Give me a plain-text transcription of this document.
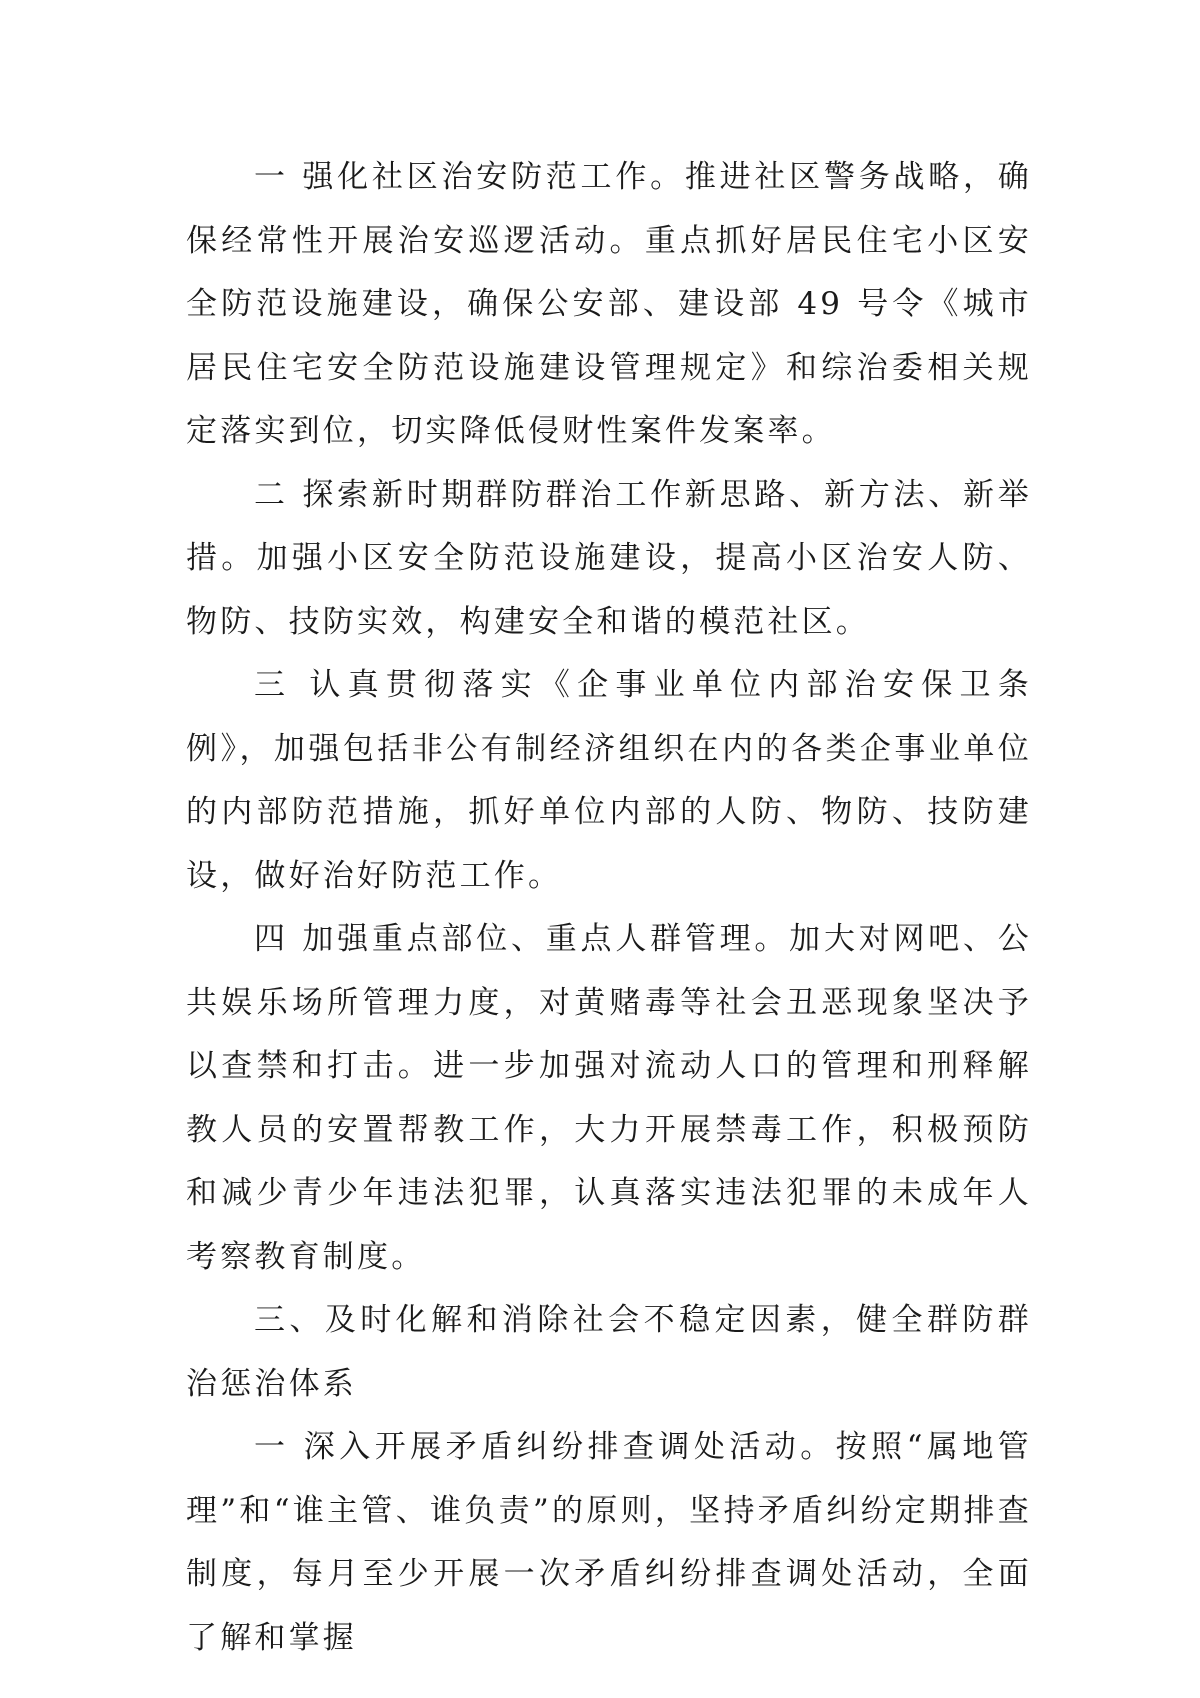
一 强化社区治安防范工作。推进社区警务战略，确保经常性开展治安巡逻活动。重点抓好居民住宅小区安全防范设施建设，确保公安部、建设部 49 号令《城市居民住宅安全防范设施建设管理规定》和综治委相关规定落实到位，切实降低侵财性案件发案率。

二 探索新时期群防群治工作新思路、新方法、新举措。加强小区安全防范设施建设，提高小区治安人防、物防、技防实效，构建安全和谐的模范社区。

三 认真贯彻落实《企事业单位内部治安保卫条例》，加强包括非公有制经济组织在内的各类企事业单位的内部防范措施，抓好单位内部的人防、物防、技防建设，做好治好防范工作。

四 加强重点部位、重点人群管理。加大对网吧、公共娱乐场所管理力度，对黄赌毒等社会丑恶现象坚决予以查禁和打击。进一步加强对流动人口的管理和刑释解教人员的安置帮教工作，大力开展禁毒工作，积极预防和减少青少年违法犯罪，认真落实违法犯罪的未成年人考察教育制度。

三、及时化解和消除社会不稳定因素，健全群防群治惩治体系

一 深入开展矛盾纠纷排查调处活动。按照“属地管理”和“谁主管、谁负责”的原则，坚持矛盾纠纷定期排查制度，每月至少开展一次矛盾纠纷排查调处活动，全面了解和掌握
